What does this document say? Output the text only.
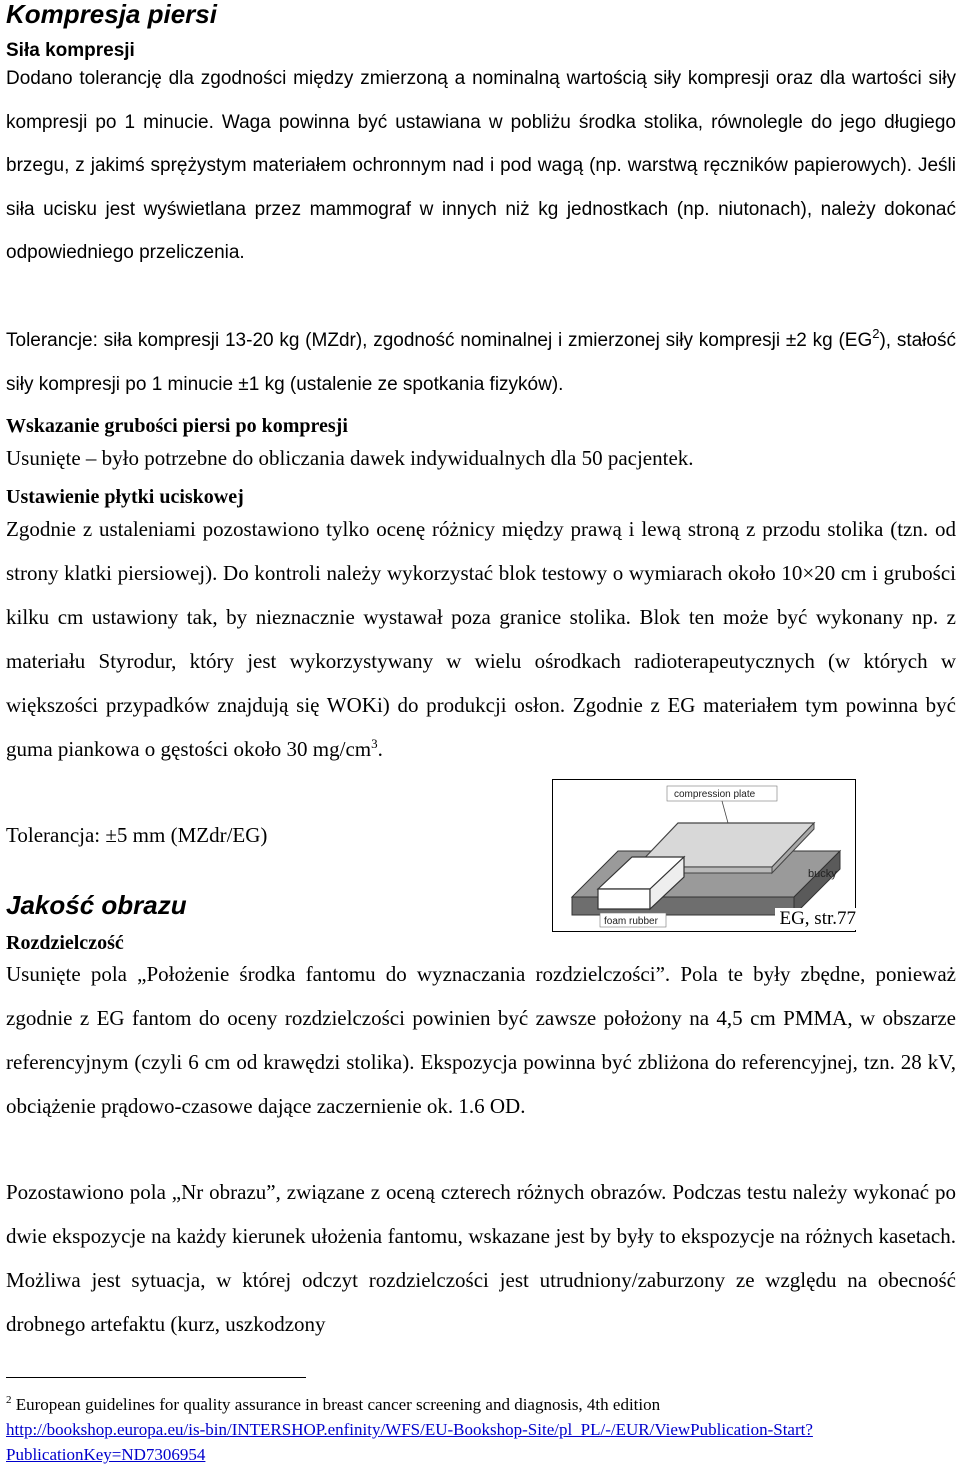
Kompresja piersi
Siła kompresji

Dodano tolerancję dla zgodności między zmierzoną a nominalną wartością siły kompresji oraz dla wartości siły kompresji po 1 minucie. Waga powinna być ustawiana w pobliżu środka stolika, równolegle do jego długiego brzegu, z jakimś sprężystym materiałem ochronnym nad i pod wagą (np. warstwą ręczników papierowych). Jeśli siła ucisku jest wyświetlana przez mammograf w innych niż kg jednostkach (np. niutonach), należy dokonać odpowiedniego przeliczenia.

Tolerancje: siła kompresji 13-20 kg (MZdr), zgodność nominalnej i zmierzonej siły kompresji ±2 kg $(EG^2)$, stałość siły kompresji po 1 minucie ±1 kg (ustalenie ze spotkania fizyków).

Wskazanie grubości piersi po kompresji

Usunięte – było potrzebne do obliczania dawek indywidualnych dla 50 pacjentek.

Ustawienie płytki uciskowej

Zgodnie z ustaleniami pozostawiono tylko ocenę różnicy między prawą i lewą stroną z przodu stolika (tzn. od strony klatki piersiowej). Do kontroli należy wykorzystać blok testowy o wymiarach około 10×20 cm i grubości kilku cm ustawiony tak, by nieznacznie wystawał poza granice stolika. Blok ten może być wykonany np. z materiału Styrodur, który jest wykorzystywany w wielu ośrodkach radioterapeutycznych (w których w większości przypadków znajdują się WOKi) do produkcji osłon. Zgodnie z EG materiałem tym powinna być guma piankowa o gęstości około 30 $mg/cm^3$.

Tolerancja: ±5 mm (MZdr/EG)

compression plate
bucky
foam rubber	EG, str.77
Jakość obrazu
Rozdzielczość

Usunięte pola „Położenie środka fantomu do wyznaczania rozdzielczości”. Pola te były zbędne, ponieważ zgodnie z EG fantom do oceny rozdzielczości powinien być zawsze położony na 4,5 cm PMMA, w obszarze referencyjnym (czyli 6 cm od krawędzi stolika). Ekspozycja powinna być zbliżona do referencyjnej, tzn. 28 kV, obciążenie prądowo-czasowe dające zaczernienie ok. 1.6 OD.

Pozostawiono pola „Nr obrazu”, związane z oceną czterech różnych obrazów. Podczas testu należy wykonać po dwie ekspozycje na każdy kierunek ułożenia fantomu, wskazane jest by były to ekspozycje na różnych kasetach. Możliwa jest sytuacja, w której odczyt rozdzielczości jest utrudniony/zaburzony ze względu na obecność drobnego artefaktu (kurz, uszkodzony

$^2$ European guidelines for quality assurance in breast cancer screening and diagnosis, 4th edition
http://bookshop.europa.eu/is-bin/INTERSHOP.enfinity/WFS/EU-Bookshop-Site/pl_PL/-/EUR/ViewPublication-Start?PublicationKey=ND7306954
